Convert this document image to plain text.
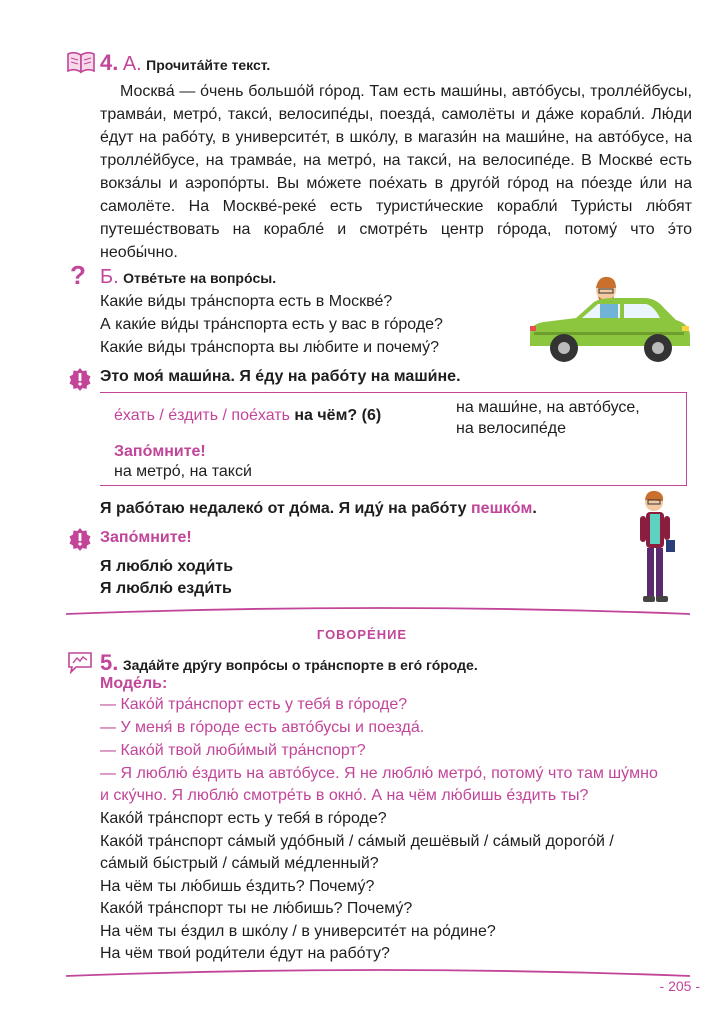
4. А. Прочита́йте текст.

Москва́ — о́чень большо́й го́род. Там есть маши́ны, авто́бусы, тролле́йбусы, трамва́и, метро́, такси́, велосипе́ды, поезда́, самолёты и да́же корабли́. Лю́ди е́дут на рабо́ту, в университе́т, в шко́лу, в магази́н на маши́не, на авто́бусе, на тролле́йбусе, на трамва́е, на метро́, на такси́, на велосипе́де. В Москве́ есть вокза́лы и аэропо́рты. Вы мо́жете пое́хать в друго́й го́род на по́езде и́ли на самолёте. На Москве́-реке́ есть туристи́ческие корабли́ Тури́сты лю́бят путеше́ствовать на корабле́ и смотре́ть центр го́рода, потому́ что э́то необы́чно.

? Б. Отве́тьте на вопро́сы.
Каки́е ви́ды тра́нспорта есть в Москве́?
А каки́е ви́ды тра́нспорта есть у вас в го́роде?
Каки́е ви́ды тра́нспорта вы лю́бите и почему́?
Это моя́ маши́на. Я е́ду на рабо́ту на маши́не.
е́хать / е́здить / пое́хать на чём? (6)	на маши́не, на авто́бусе,
на велосипе́де
Запо́мните!
на метро́, на такси́
Я рабо́таю недалеко́ от до́ма. Я иду́ на рабо́ту пешко́м.
Запо́мните!
Я люблю́ ходи́ть
Я люблю́ езди́ть
ГОВОРЕ́НИЕ
5. Зада́йте дру́гу вопро́сы о тра́нспорте в его́ го́роде.
Моде́ль:
— Како́й тра́нспорт есть у тебя́ в го́роде?
— У меня́ в го́роде есть авто́бусы и поезда́.
— Како́й твой люби́мый тра́нспорт?
— Я люблю́ е́здить на авто́бусе. Я не люблю́ метро́, потому́ что там шу́мно
и ску́чно. Я люблю́ смотре́ть в окно́. А на чём лю́бишь е́здить ты?
Како́й тра́нспорт есть у тебя́ в го́роде?
Како́й тра́нспорт са́мый удо́бный / са́мый дешёвый / са́мый дорого́й /
са́мый бы́стрый / са́мый ме́дленный?
На чём ты лю́бишь е́здить? Почему́?
Како́й тра́нспорт ты не лю́бишь? Почему́?
На чём ты е́здил в шко́лу / в университе́т на ро́дине?
На чём твои́ роди́тели е́дут на рабо́ту?
- 205 -
